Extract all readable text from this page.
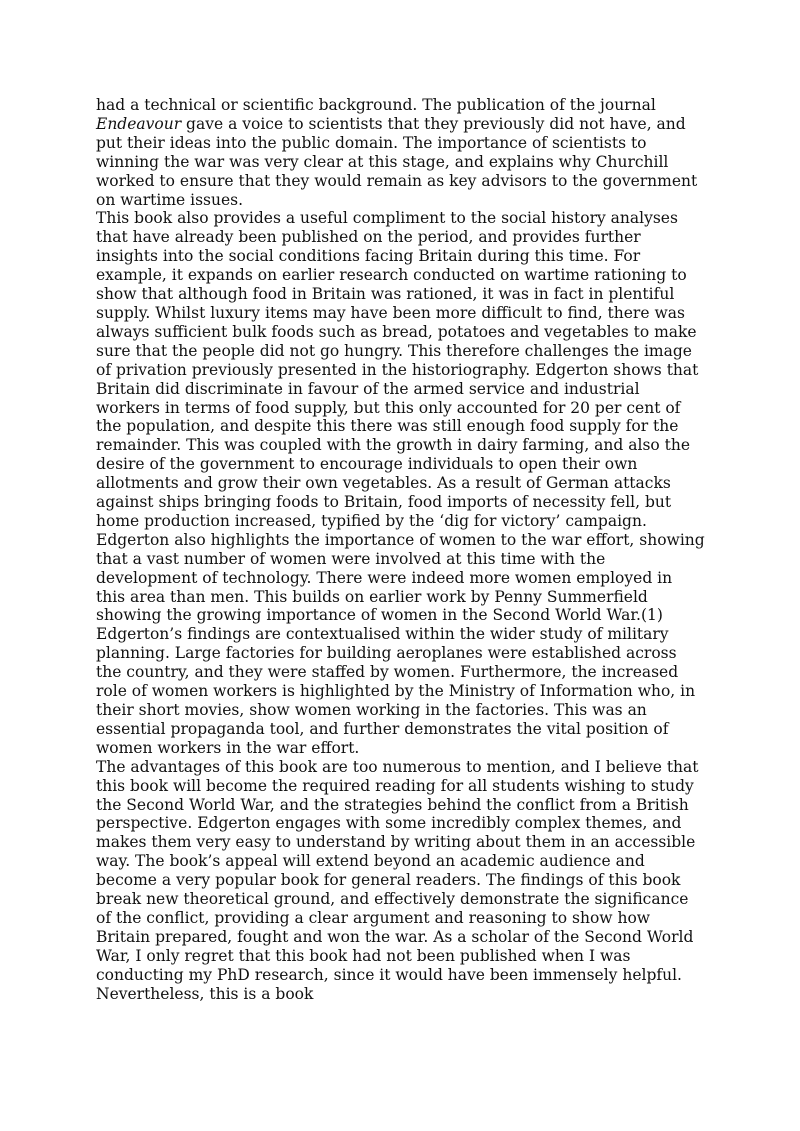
had a technical or scientific background. The publication of the journal Endeavour gave a voice to scientists that they previously did not have, and put their ideas into the public domain. The importance of scientists to winning the war was very clear at this stage, and explains why Churchill worked to ensure that they would remain as key advisors to the government on wartime issues.

This book also provides a useful compliment to the social history analyses that have already been published on the period, and provides further insights into the social conditions facing Britain during this time. For example, it expands on earlier research conducted on wartime rationing to show that although food in Britain was rationed, it was in fact in plentiful supply. Whilst luxury items may have been more difficult to find, there was always sufficient bulk foods such as bread, potatoes and vegetables to make sure that the people did not go hungry. This therefore challenges the image of privation previously presented in the historiography. Edgerton shows that Britain did discriminate in favour of the armed service and industrial workers in terms of food supply, but this only accounted for 20 per cent of the population, and despite this there was still enough food supply for the remainder. This was coupled with the growth in dairy farming, and also the desire of the government to encourage individuals to open their own allotments and grow their own vegetables. As a result of German attacks against ships bringing foods to Britain, food imports of necessity fell, but home production increased, typified by the ‘dig for victory’ campaign.

Edgerton also highlights the importance of women to the war effort, showing that a vast number of women were involved at this time with the development of technology. There were indeed more women employed in this area than men. This builds on earlier work by Penny Summerfield showing the growing importance of women in the Second World War.(1) Edgerton’s findings are contextualised within the wider study of military planning. Large factories for building aeroplanes were established across the country, and they were staffed by women. Furthermore, the increased role of women workers is highlighted by the Ministry of Information who, in their short movies, show women working in the factories. This was an essential propaganda tool, and further demonstrates the vital position of women workers in the war effort.

The advantages of this book are too numerous to mention, and I believe that this book will become the required reading for all students wishing to study the Second World War, and the strategies behind the conflict from a British perspective. Edgerton engages with some incredibly complex themes, and makes them very easy to understand by writing about them in an accessible way. The book’s appeal will extend beyond an academic audience and become a very popular book for general readers. The findings of this book break new theoretical ground, and effectively demonstrate the significance of the conflict, providing a clear argument and reasoning to show how Britain prepared, fought and won the war. As a scholar of the Second World War, I only regret that this book had not been published when I was conducting my PhD research, since it would have been immensely helpful. Nevertheless, this is a book
